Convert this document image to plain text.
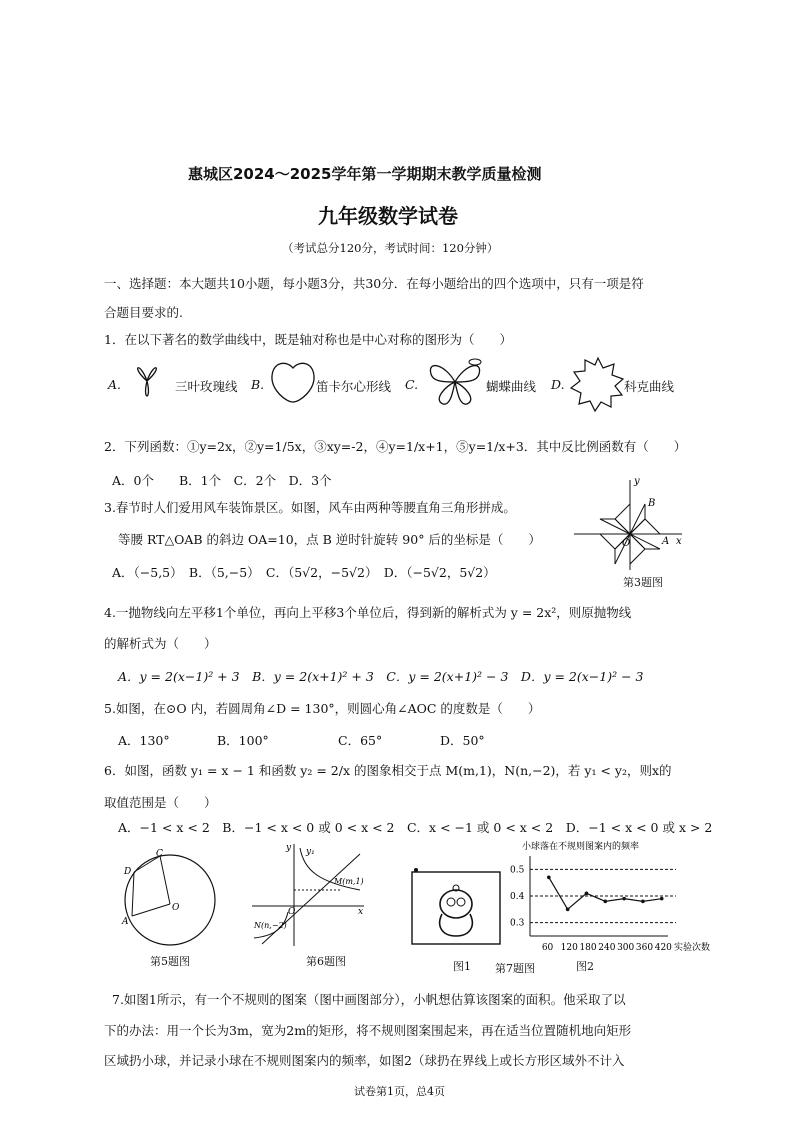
惠城区2024～2025学年第一学期期末教学质量检测
九年级数学试卷
（考试总分120分，考试时间：120分钟）
一、选择题：本大题共10小题，每小题3分，共30分．在每小题给出的四个选项中，只有一项是符
合题目要求的.
1．在以下著名的数学曲线中，既是轴对称也是中心对称的图形为（　　）
A.	三叶玫瑰线 B.	笛卡尔心形线 C.	蝴蝶曲线 D.	科克曲线
2．下列函数：①y=2x，②y=1/5x，③xy=-2，④y=1/x+1，⑤y=1/x+3．其中反比例函数有（　　）
A．0个　　B．1个　C．2个　D．3个
3.春节时人们爱用风车装饰景区。如图，风车由两种等腰直角三角形拼成。
等腰 RT△OAB 的斜边 OA=10，点 B 逆时针旋转 90° 后的坐标是（　　）
A．（−5,5）　B．（5,−5）　C．（5√2，−5√2）　D．（−5√2，5√2）
B
A x
y
O
第3题图
4.一抛物线向左平移1个单位，再向上平移3个单位后，得到新的解析式为 y = 2x²，则原抛物线
的解析式为（　　）
A．y = 2(x−1)² + 3　B．y = 2(x+1)² + 3　C．y = 2(x+1)² − 3　D．y = 2(x−1)² − 3
5.如图，在⊙O 内，若圆周角∠D = 130°，则圆心角∠AOC 的度数是（　　）
A．130°	B．100°	C．65°	D．50°
6．如图，函数 y₁ = x − 1 和函数 y₂ = 2/x 的图象相交于点 M(m,1)，N(n,−2)，若 y₁ < y₂，则x的
取值范围是（　　）
A．−1 < x < 2　B．−1 < x < 0 或 0 < x < 2　C．x < −1 或 0 < x < 2　D．−1 < x < 0 或 x > 2
C
D
A
O
第5题图
y y₁
M(m,1)
N(n,−2)
O	x
第6题图	图1 第7题图	图2
小球落在不规则图案内的频率
0.3
0.4
0.5
60 120 180 240 300 360 420 实验次数
7.如图1所示，有一个不规则的图案（图中画图部分），小帆想估算该图案的面积。他采取了以
下的办法：用一个长为3m，宽为2m的矩形，将不规则图案围起来，再在适当位置随机地向矩形
区域扔小球，并记录小球在不规则图案内的频率，如图2（球扔在界线上或长方形区域外不计入
试卷第1页，总4页
